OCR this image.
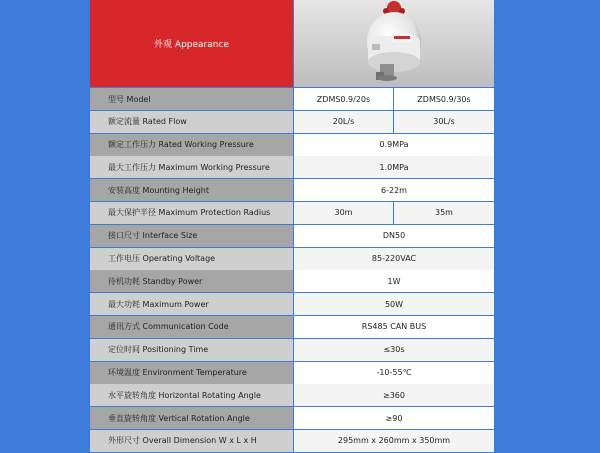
外观 Appearance
型号 Model	ZDMS0.9/20s	ZDMS0.9/30s
额定流量 Rated Flow	20L/s	30L/s
额定工作压力 Rated Working Pressure	0.9MPa
最大工作压力 Maximum Working Pressure	1.0MPa
安装高度 Mounting Height	6-22m
最大保护半径 Maximum Protection Radius	30m	35m
接口尺寸 Interface Size	DN50
工作电压 Operating Voltage	85-220VAC
待机功耗 Standby Power	1W
最大功耗 Maximum Power	50W
通讯方式 Communication Code	RS485 CAN BUS
定位时间 Positioning Time	≤30s
环境温度 Environment Temperature	-10-55℃
水平旋转角度 Horizontal Rotating Angle	≥360
垂直旋转角度 Vertical Rotation Angle	≥90
外形尺寸 Overall Dimension W x L x H	295mm x 260mm x 350mm
